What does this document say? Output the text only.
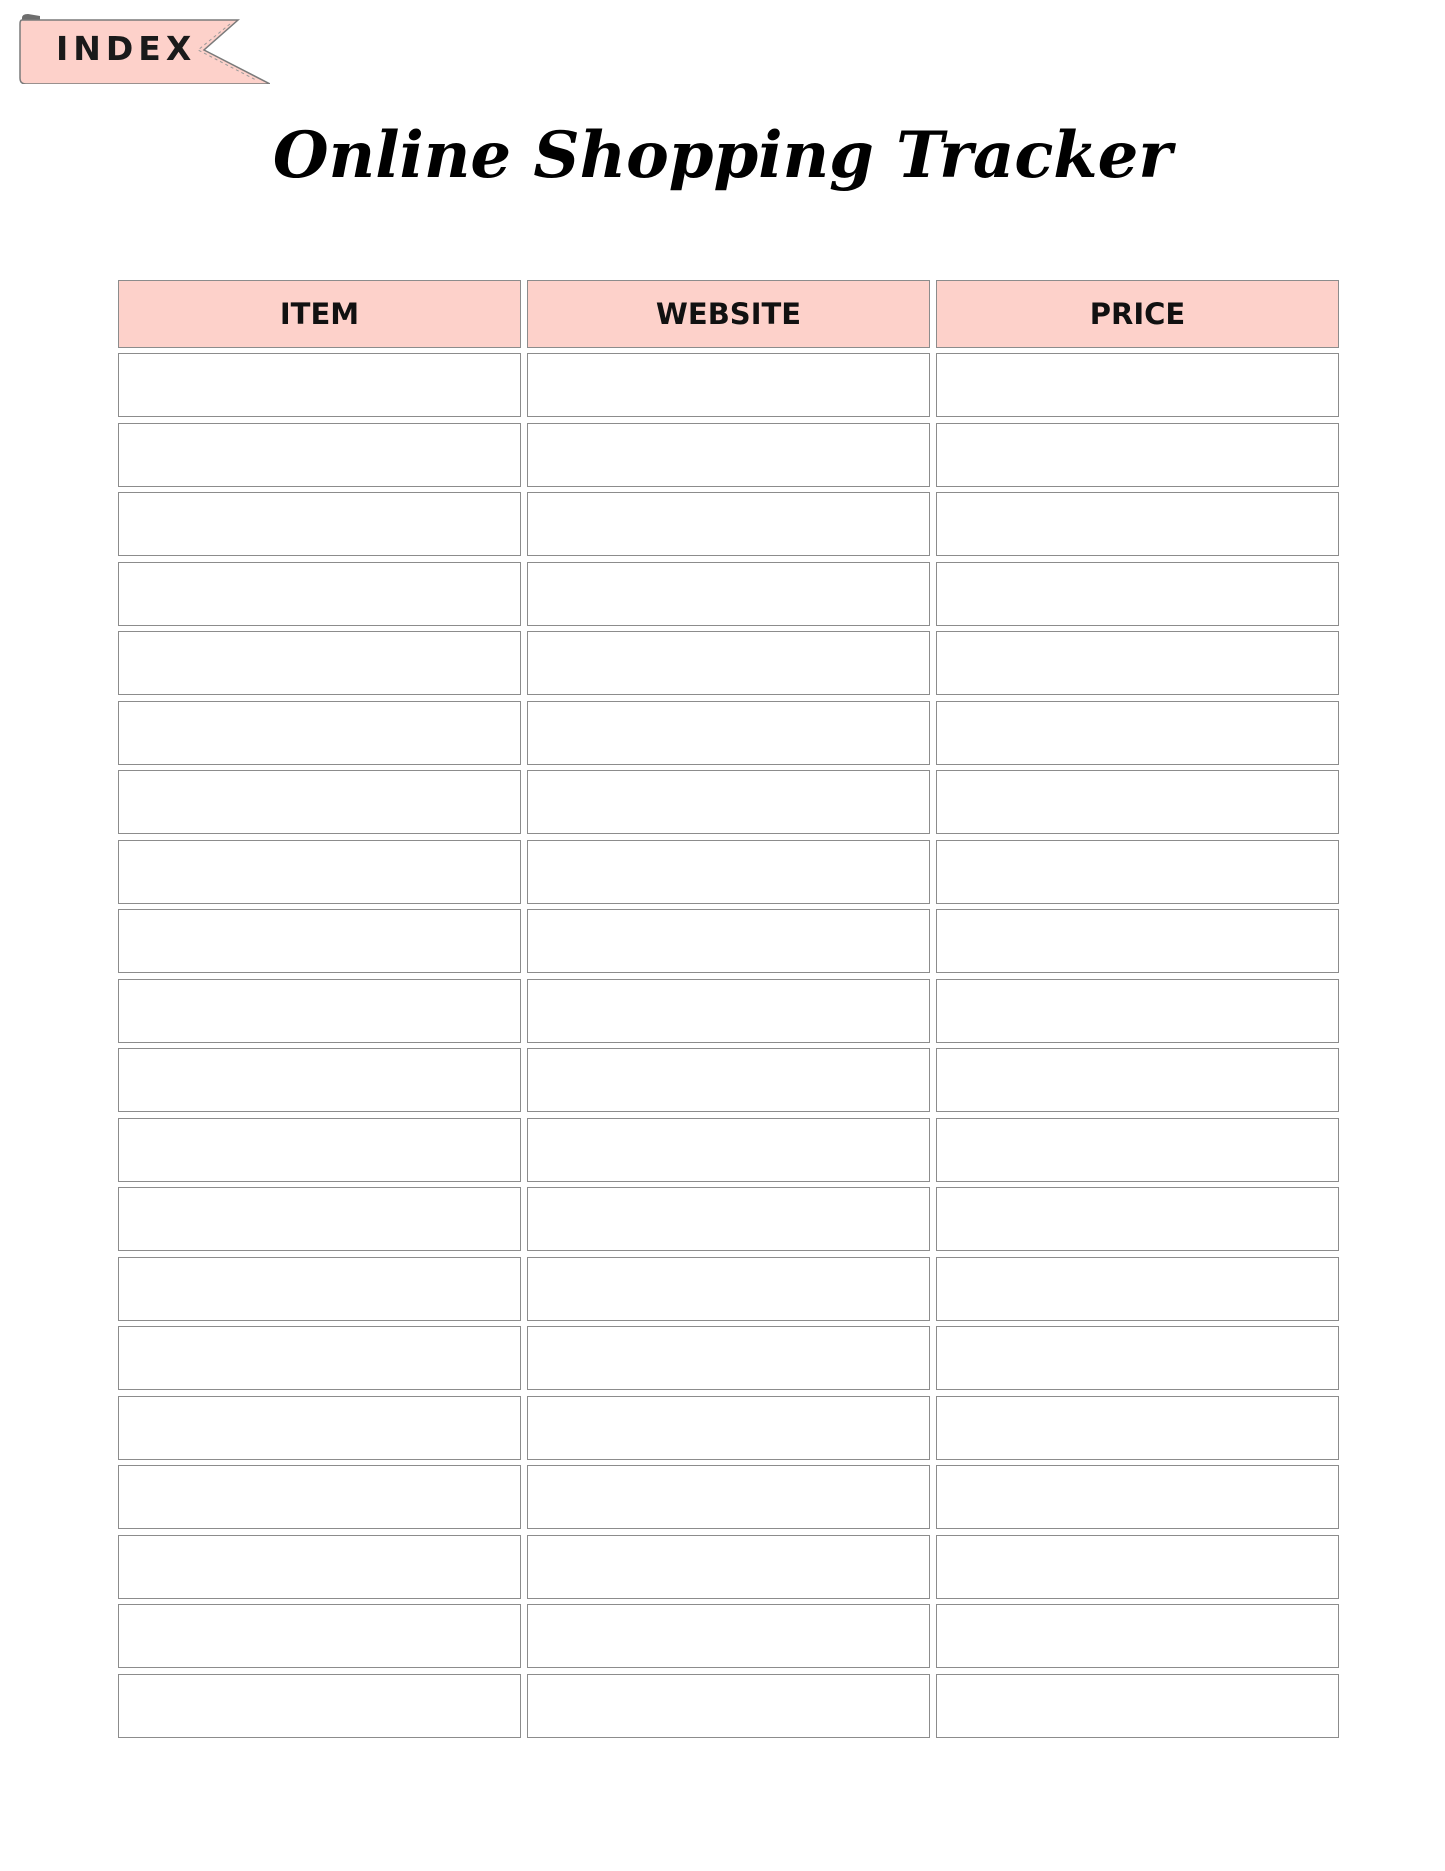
INDEX
Online Shopping Tracker
ITEM	WEBSITE	PRICE
